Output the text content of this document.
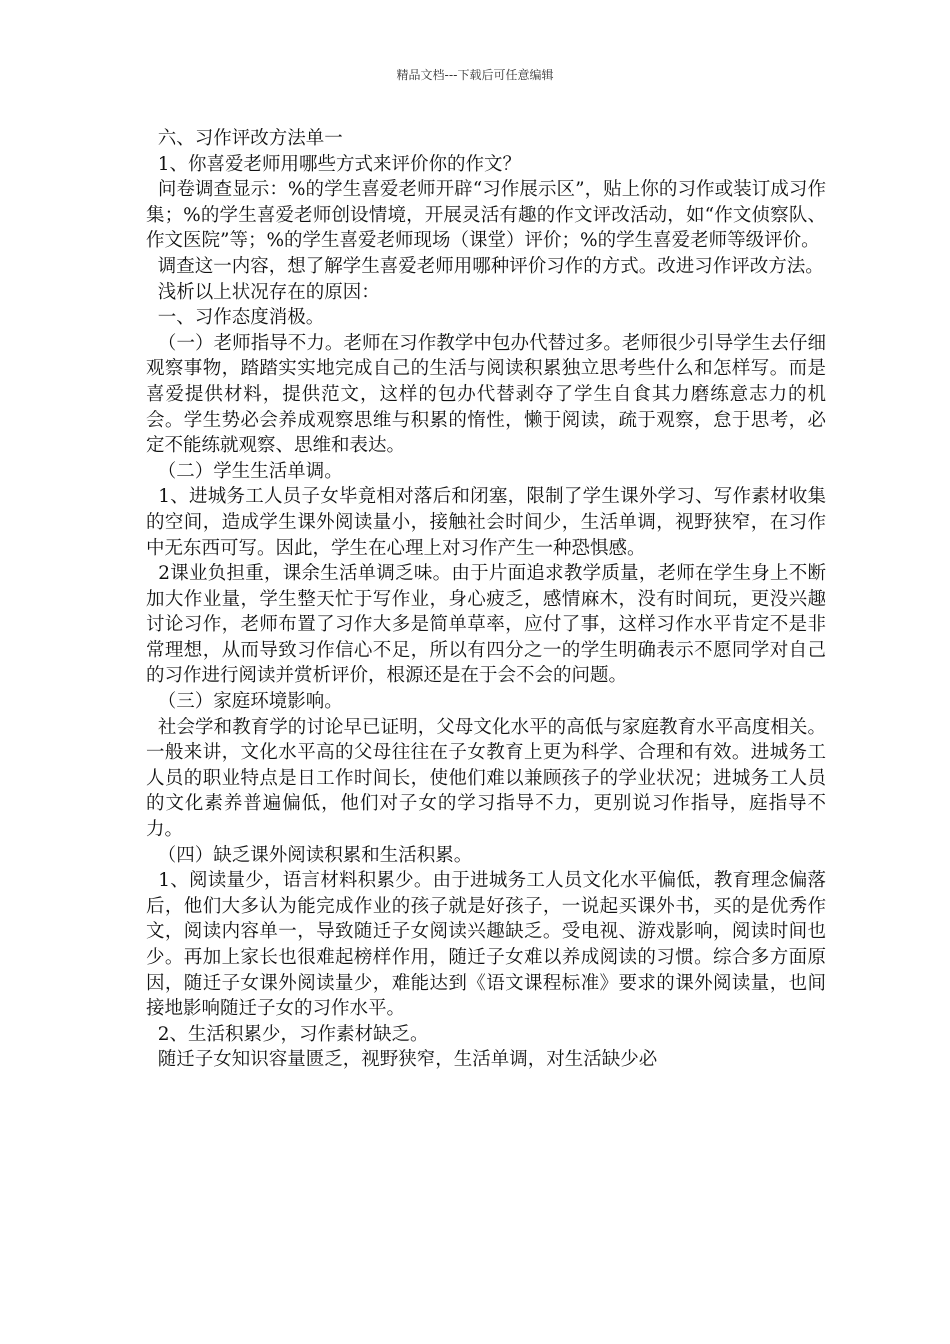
精品文档---下载后可任意编辑

六、习作评改方法单一

1、你喜爱老师用哪些方式来评价你的作文？

问卷调查显示：%的学生喜爱老师开辟“习作展示区”，贴上你的习作或装订成习作集；%的学生喜爱老师创设情境，开展灵活有趣的作文评改活动，如“作文侦察队、作文医院”等；%的学生喜爱老师现场（课堂）评价；%的学生喜爱老师等级评价。

调查这一内容，想了解学生喜爱老师用哪种评价习作的方式。改进习作评改方法。

浅析以上状况存在的原因：

一、习作态度消极。

（一）老师指导不力。老师在习作教学中包办代替过多。老师很少引导学生去仔细观察事物，踏踏实实地完成自己的生活与阅读积累独立思考些什么和怎样写。而是喜爱提供材料，提供范文，这样的包办代替剥夺了学生自食其力磨练意志力的机会。学生势必会养成观察思维与积累的惰性，懒于阅读，疏于观察，怠于思考，必定不能练就观察、思维和表达。

（二）学生生活单调。

1、进城务工人员子女毕竟相对落后和闭塞，限制了学生课外学习、写作素材收集的空间，造成学生课外阅读量小，接触社会时间少，生活单调，视野狭窄，在习作中无东西可写。因此，学生在心理上对习作产生一种恐惧感。

2课业负担重，课余生活单调乏味。由于片面追求教学质量，老师在学生身上不断加大作业量，学生整天忙于写作业，身心疲乏，感情麻木，没有时间玩，更没兴趣讨论习作，老师布置了习作大多是简单草率，应付了事，这样习作水平肯定不是非常理想，从而导致习作信心不足，所以有四分之一的学生明确表示不愿同学对自己的习作进行阅读并赏析评价，根源还是在于会不会的问题。

（三）家庭环境影响。

社会学和教育学的讨论早已证明，父母文化水平的高低与家庭教育水平高度相关。一般来讲，文化水平高的父母往往在子女教育上更为科学、合理和有效。进城务工人员的职业特点是日工作时间长，使他们难以兼顾孩子的学业状况；进城务工人员的文化素养普遍偏低，他们对子女的学习指导不力，更别说习作指导，庭指导不力。

（四）缺乏课外阅读积累和生活积累。

1、阅读量少，语言材料积累少。由于进城务工人员文化水平偏低，教育理念偏落后，他们大多认为能完成作业的孩子就是好孩子，一说起买课外书，买的是优秀作文，阅读内容单一，导致随迁子女阅读兴趣缺乏。受电视、游戏影响，阅读时间也少。再加上家长也很难起榜样作用，随迁子女难以养成阅读的习惯。综合多方面原因，随迁子女课外阅读量少，难能达到《语文课程标准》要求的课外阅读量，也间接地影响随迁子女的习作水平。

2、生活积累少，习作素材缺乏。

随迁子女知识容量匮乏，视野狭窄，生活单调，对生活缺少必
